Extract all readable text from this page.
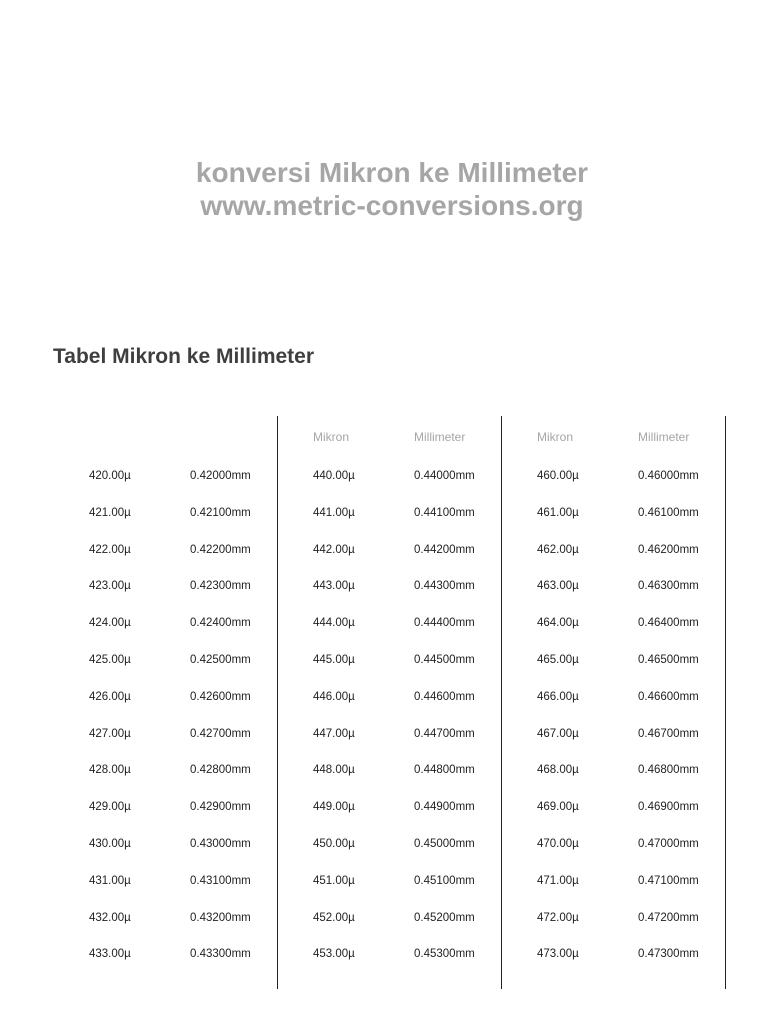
konversi Mikron ke Millimeter
www.metric-conversions.org
Tabel Mikron ke Millimeter
Mikron	Millimeter
460.00µ	0.46000mm
461.00µ	0.46100mm
462.00µ	0.46200mm
463.00µ	0.46300mm
464.00µ	0.46400mm
465.00µ	0.46500mm
466.00µ	0.46600mm
467.00µ	0.46700mm
468.00µ	0.46800mm
469.00µ	0.46900mm
470.00µ	0.47000mm
471.00µ	0.47100mm
472.00µ	0.47200mm
473.00µ	0.47300mm
Mikron	Millimeter
440.00µ	0.44000mm
441.00µ	0.44100mm
442.00µ	0.44200mm
443.00µ	0.44300mm
444.00µ	0.44400mm
445.00µ	0.44500mm
446.00µ	0.44600mm
447.00µ	0.44700mm
448.00µ	0.44800mm
449.00µ	0.44900mm
450.00µ	0.45000mm
451.00µ	0.45100mm
452.00µ	0.45200mm
453.00µ	0.45300mm
420.00µ	0.42000mm
421.00µ	0.42100mm
422.00µ	0.42200mm
423.00µ	0.42300mm
424.00µ	0.42400mm
425.00µ	0.42500mm
426.00µ	0.42600mm
427.00µ	0.42700mm
428.00µ	0.42800mm
429.00µ	0.42900mm
430.00µ	0.43000mm
431.00µ	0.43100mm
432.00µ	0.43200mm
433.00µ	0.43300mm
